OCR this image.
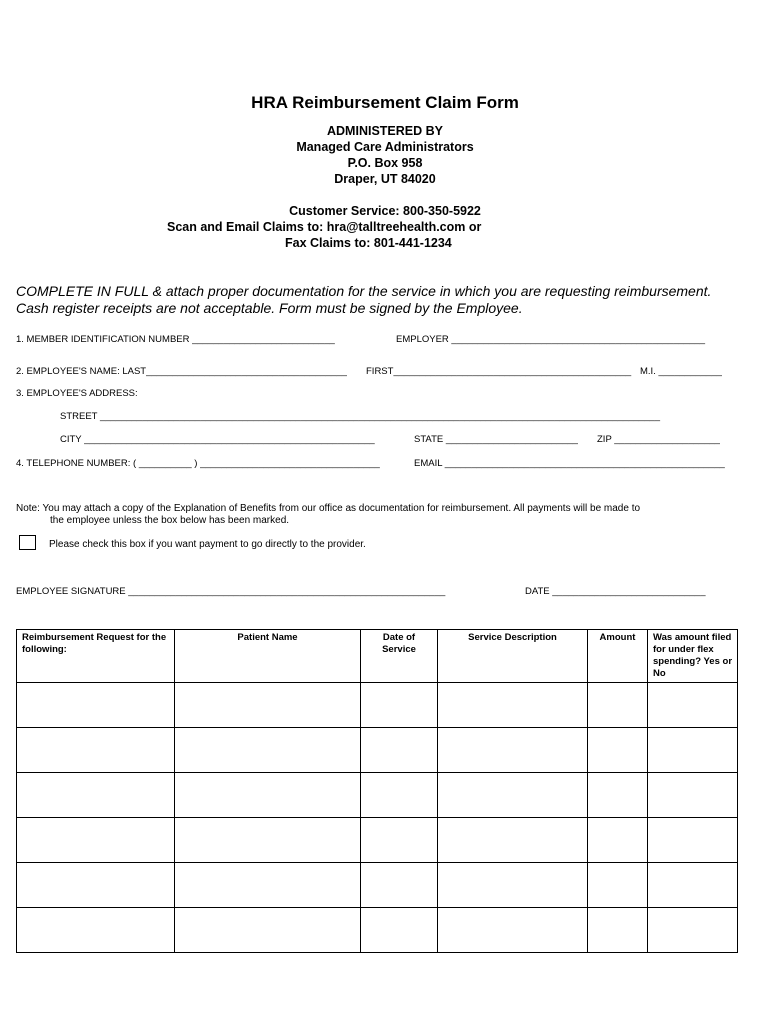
HRA Reimbursement Claim Form
ADMINISTERED BY
Managed Care Administrators
P.O. Box 958
Draper, UT 84020
Customer Service: 800-350-5922
Scan and Email Claims to: hra@talltreehealth.com or
Fax Claims to: 801-441-1234
COMPLETE IN FULL & attach proper documentation for the service in which you are requesting reimbursement.
Cash register receipts are not acceptable. Form must be signed by the Employee.
1. MEMBER IDENTIFICATION NUMBER ___________________________	EMPLOYER ________________________________________________
2. EMPLOYEE'S NAME: LAST______________________________________ FIRST_____________________________________________ M.I. ____________
3. EMPLOYEE'S ADDRESS:
STREET __________________________________________________________________________________________________________
CITY _______________________________________________________	STATE _________________________ ZIP ____________________
4. TELEPHONE NUMBER: ( __________ ) __________________________________	EMAIL _____________________________________________________
Note: You may attach a copy of the Explanation of Benefits from our office as documentation for reimbursement. All payments will be made to
the employee unless the box below has been marked.
Please check this box if you want payment to go directly to the provider.
EMPLOYEE SIGNATURE ____________________________________________________________	DATE _____________________________
Reimbursement Request for the following:	Patient Name	Date of Service	Service Description	Amount	Was amount filed for under flex spending? Yes or No
